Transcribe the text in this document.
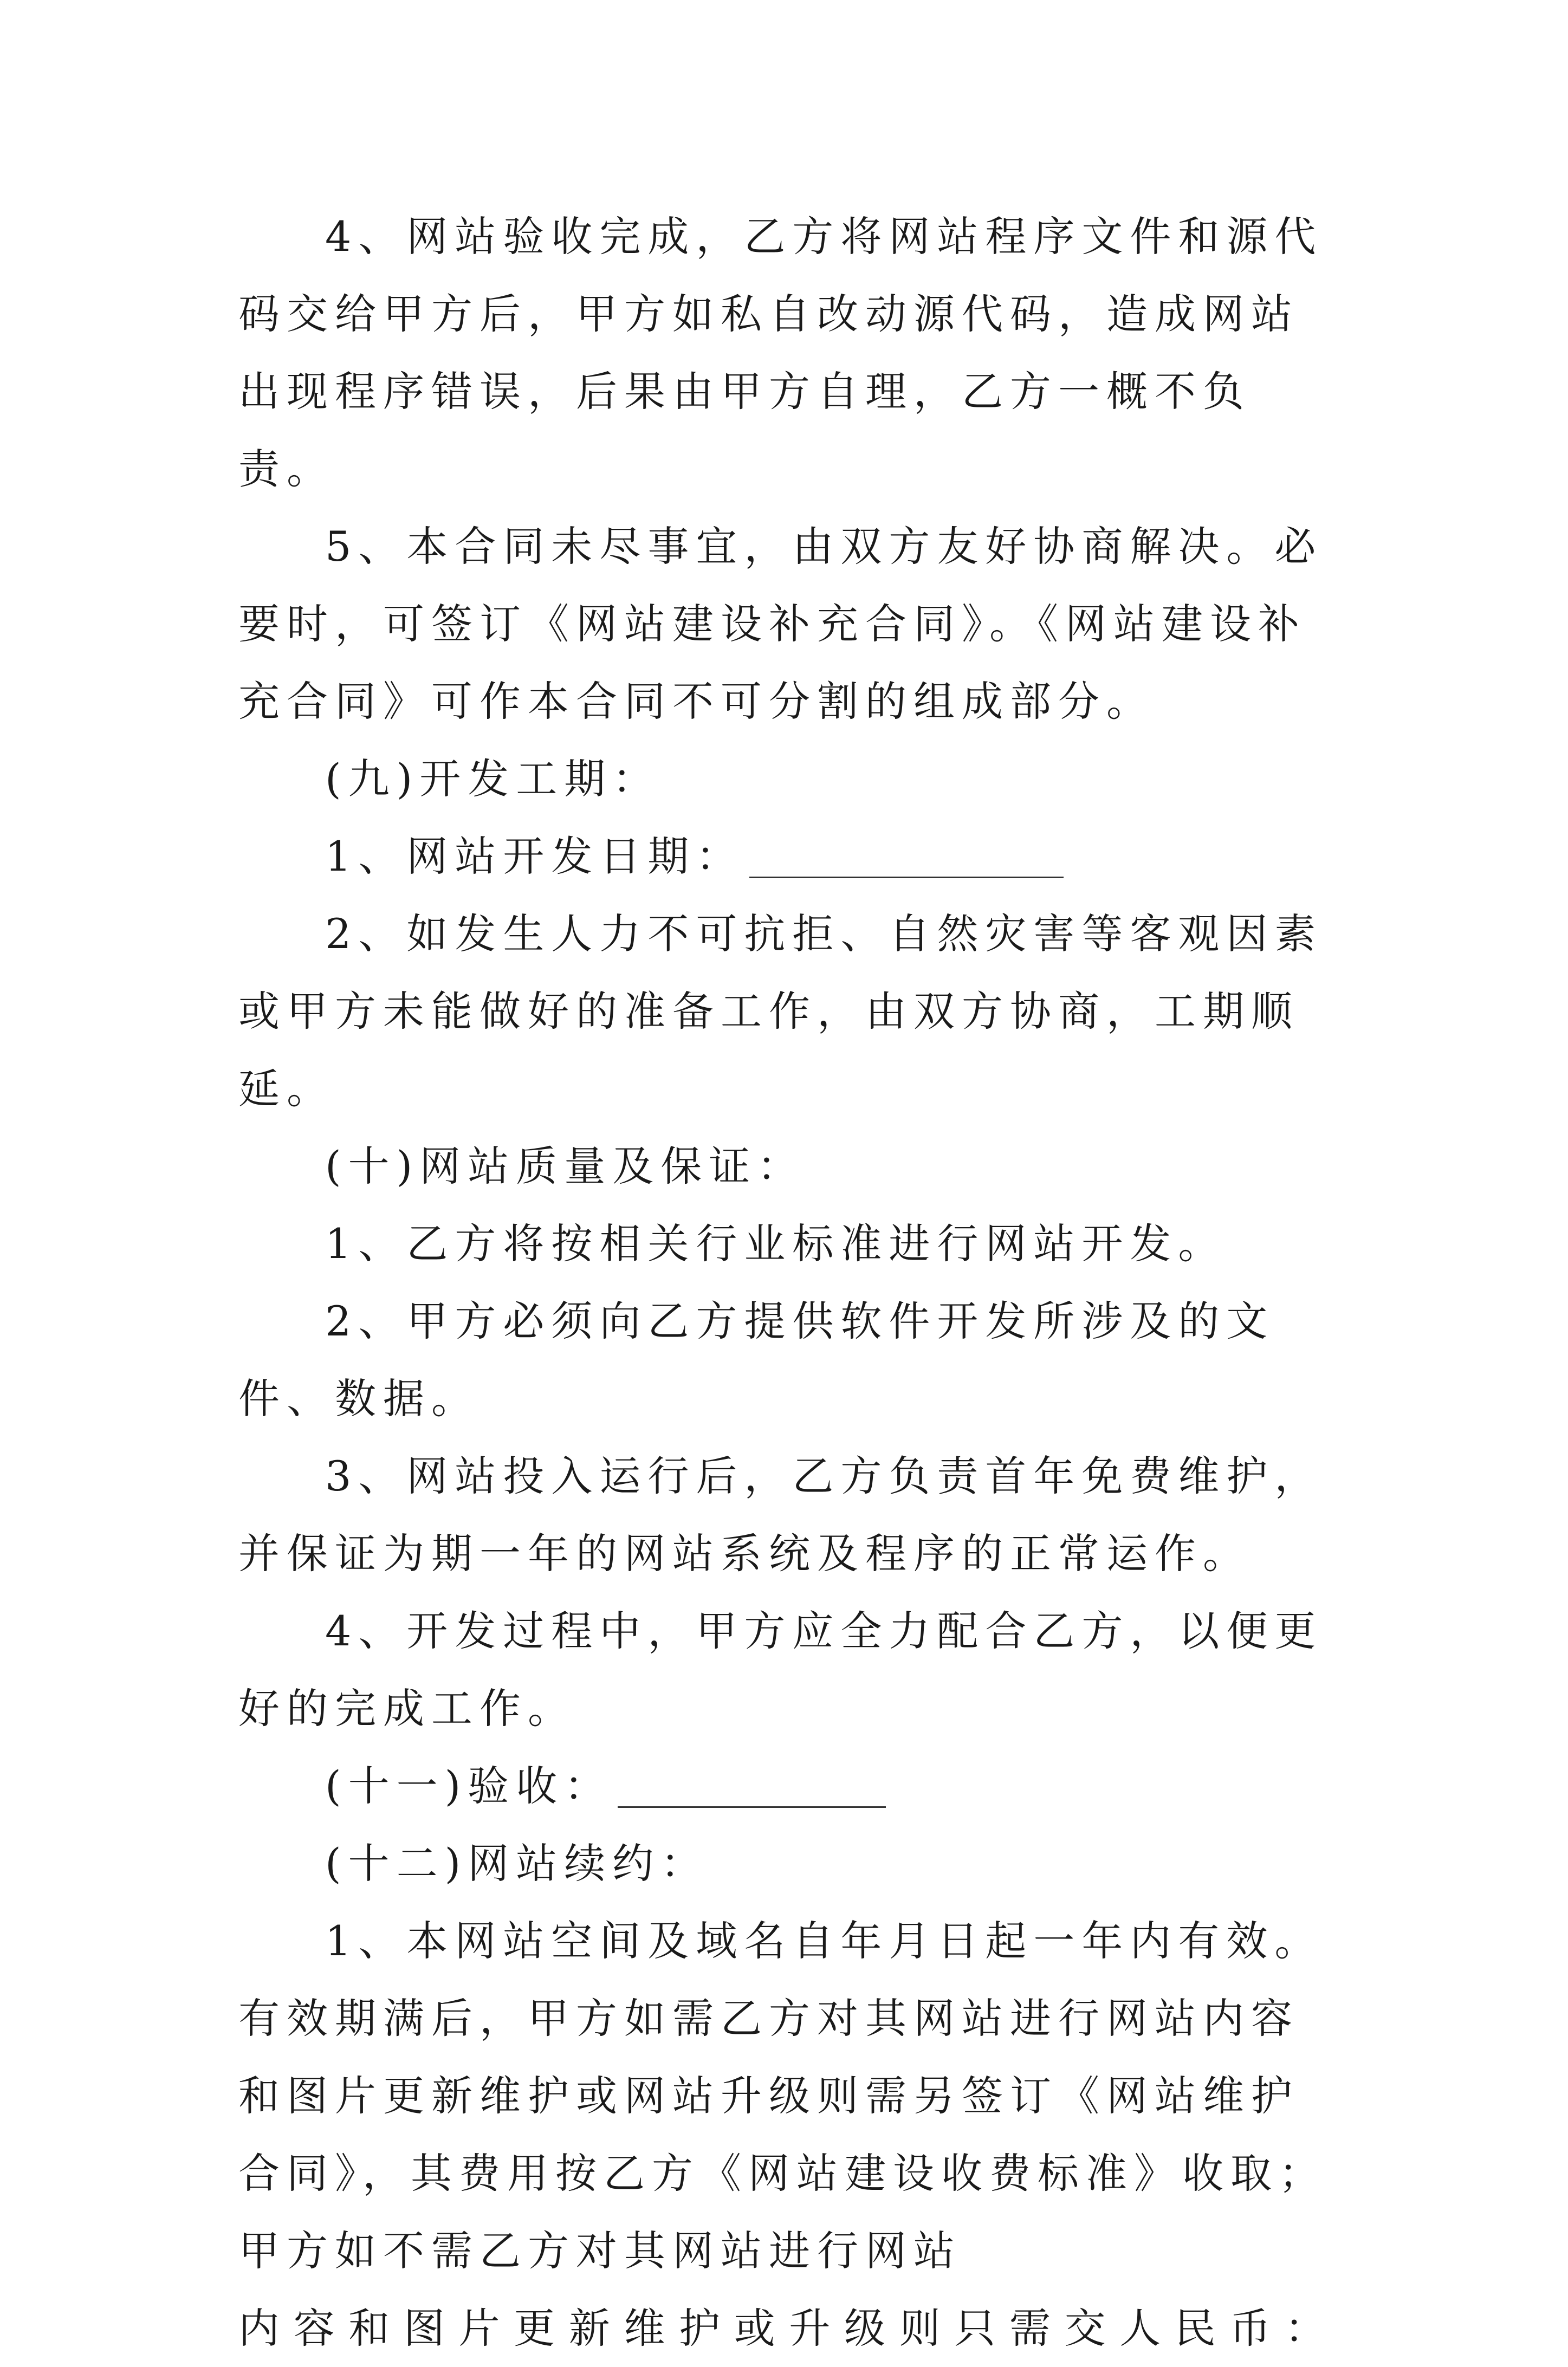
4、网站验收完成，乙方将网站程序文件和源代码交给甲方后，甲方如私自改动源代码，造成网站出现程序错误，后果由甲方自理，乙方一概不负责。

5、本合同未尽事宜，由双方友好协商解决。必要时，可签订《网站建设补充合同》。《网站建设补充合同》可作本合同不可分割的组成部分。

(九)开发工期：

1、网站开发日期：

2、如发生人力不可抗拒、自然灾害等客观因素或甲方未能做好的准备工作，由双方协商，工期顺延。

(十)网站质量及保证：

1、乙方将按相关行业标准进行网站开发。

2、甲方必须向乙方提供软件开发所涉及的文件、数据。

3、网站投入运行后，乙方负责首年免费维护，并保证为期一年的网站系统及程序的正常运作。

4、开发过程中，甲方应全力配合乙方，以便更好的完成工作。

(十一)验收：

(十二)网站续约：

1、本网站空间及域名自年月日起一年内有效。有效期满后，甲方如需乙方对其网站进行网站内容和图片更新维护或网站升级则需另签订《网站维护合同》，其费用按乙方《网站建设收费标准》收取；甲方如不需乙方对其网站进行网站

内容和图片更新维护或升级则只需交人民币：
